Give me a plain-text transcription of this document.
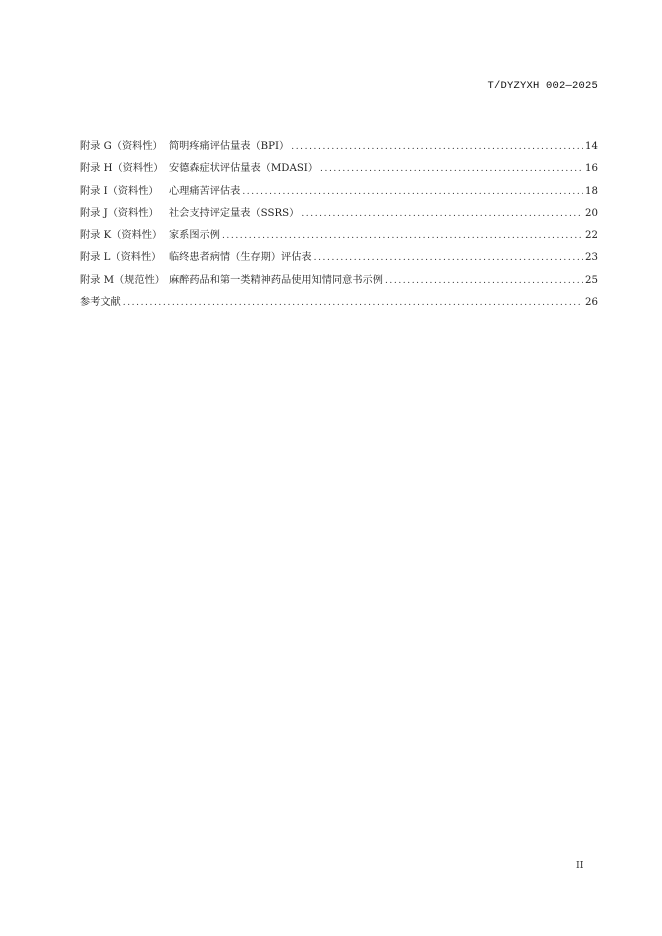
T/DYZYXH 002—2025
附录 G（资料性） 简明疼痛评估量表（BPI） .....	14
附录 H（资料性） 安德森症状评估量表（MDASI） .....	16
附录 I（资料性）	心理痛苦评估表 .....	18
附录 J（资料性）	社会支持评定量表（SSRS） .....	20
附录 K（资料性） 家系图示例 .....	22
附录 L（资料性） 临终患者病情（生存期）评估表 .....	23
附录 M（规范性） 麻醉药品和第一类精神药品使用知情同意书示例 .....	25
参考文献 .....	26
II
